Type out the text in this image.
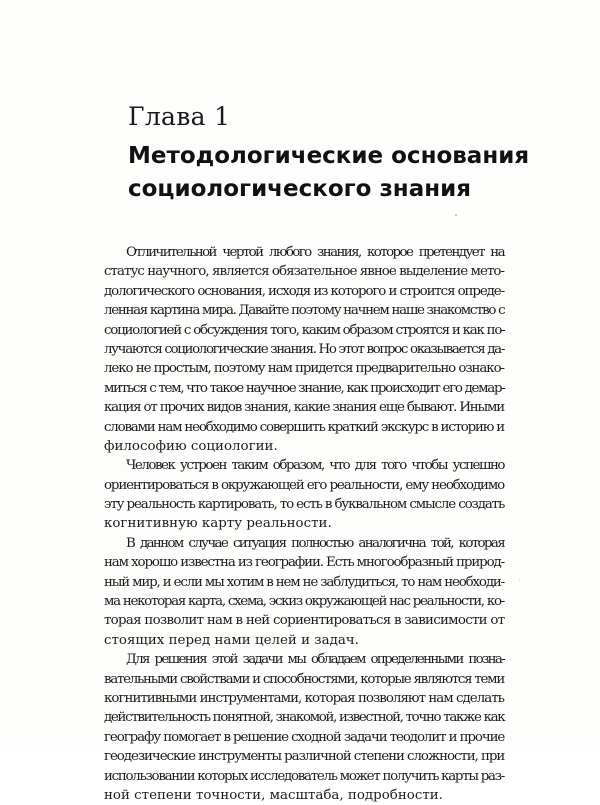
Глава 1
Методологические основания
социологического знания

Отличительной чертой любого знания, которое претендует на
статус научного, является обязательное явное выделение мето-
дологического основания, исходя из которого и строится опреде-
ленная картина мира. Давайте поэтому начнем наше знакомство с
социологией с обсуждения того, каким образом строятся и как по-
лучаются социологические знания. Но этот вопрос оказывается да-
леко не простым, поэтому нам придется предварительно ознако-
миться с тем, что такое научное знание, как происходит его демар-
кация от прочих видов знания, какие знания еще бывают. Иными
словами нам необходимо совершить краткий экскурс в историю и
философию социологии.

Человек устроен таким образом, что для того чтобы успешно
ориентироваться в окружающей его реальности, ему необходимо
эту реальность картировать, то есть в буквальном смысле создать
когнитивную карту реальности.

В данном случае ситуация полностью аналогична той, которая
нам хорошо известна из географии. Есть многообразный природ-
ный мир, и если мы хотим в нем не заблудиться, то нам необходи-
ма некоторая карта, схема, эскиз окружающей нас реальности, ко-
торая позволит нам в ней сориентироваться в зависимости от
стоящих перед нами целей и задач.

Для решения этой задачи мы обладаем определенными позна-
вательными свойствами и способностями, которые являются теми
когнитивными инструментами, которая позволяют нам сделать
действительность понятной, знакомой, известной, точно также как
географу помогает в решение сходной задачи теодолит и прочие
геодезические инструменты различной степени сложности, при
использовании которых исследователь может получить карты раз-
ной степени точности, масштаба, подробности.
